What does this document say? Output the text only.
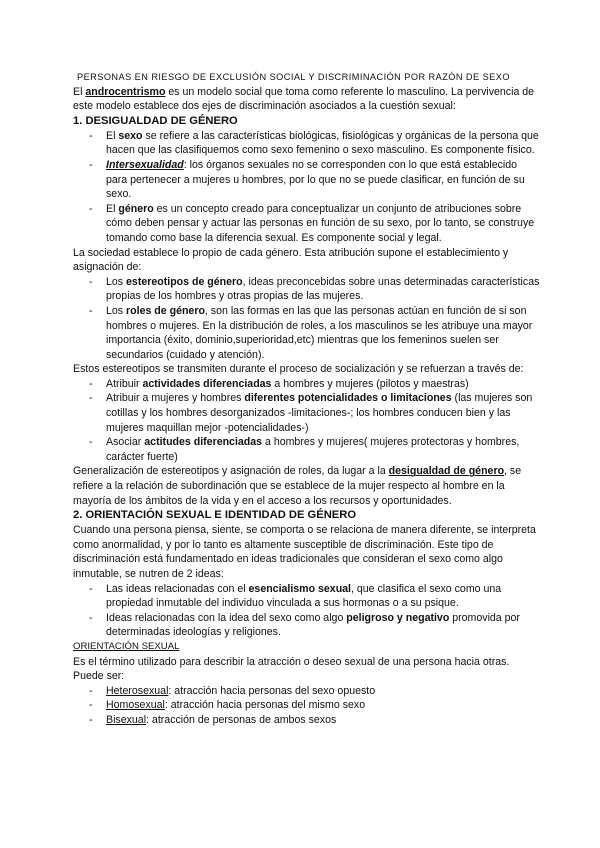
PERSONAS EN RIESGO DE EXCLUSIÓN SOCIAL Y DISCRIMINACIÓN POR RAZÓN DE SEXO

El androcentrismo es un modelo social que toma como referente lo masculino. La pervivencia de este modelo establece dos ejes de discriminación asociados a la cuestión sexual:

1. DESIGUALDAD DE GÉNERO
- El sexo se refiere a las características biológicas, fisiológicas y orgánicas de la persona que hacen que las clasifiquemos como sexo femenino o sexo masculino. Es componente físico.
- Intersexualidad: los órganos sexuales no se corresponden con lo que está establecido para pertenecer a mujeres u hombres, por lo que no se puede clasificar, en función de su sexo.
- El género es un concepto creado para conceptualizar un conjunto de atribuciones sobre cómo deben pensar y actuar las personas en función de su sexo, por lo tanto, se construye tomando como base la diferencia sexual. Es componente social y legal.

La sociedad establece lo propio de cada género. Esta atribución supone el establecimiento y asignación de:

- Los estereotipos de género, ideas preconcebidas sobre unas determinadas características propias de los hombres y otras propias de las mujeres.
- Los roles de género, son las formas en las que las personas actúan en función de si son hombres o mujeres. En la distribución de roles, a los masculinos se les atribuye una mayor importancia (éxito, dominio,superioridad,etc) mientras que los femeninos suelen ser secundarios (cuidado y atención).

Estos estereotipos se transmiten durante el proceso de socialización y se refuerzan a través de:

- Atribuir actividades diferenciadas a hombres y mujeres (pilotos y maestras)
- Atribuir a mujeres y hombres diferentes potencialidades o limitaciones (las mujeres son cotillas y los hombres desorganizados -limitaciones-; los hombres conducen bien y las mujeres maquillan mejor -potencialidades-)
- Asociar actitudes diferenciadas a hombres y mujeres( mujeres protectoras y hombres, carácter fuerte)

Generalización de estereotipos y asignación de roles, da lugar a la desigualdad de género, se refiere a la relación de subordinación que se establece de la mujer respecto al hombre en la mayoría de los ámbitos de la vida y en el acceso a los recursos y oportunidades.

2. ORIENTACIÓN SEXUAL E IDENTIDAD DE GÉNERO

Cuando una persona piensa, siente, se comporta o se relaciona de manera diferente, se interpreta como anormalidad, y por lo tanto es altamente susceptible de discriminación. Este tipo de discriminación está fundamentado en ideas tradicionales que consideran el sexo como algo inmutable, se nutren de 2 ideas:

- Las ideas relacionadas con el esencialismo sexual, que clasifica el sexo como una propiedad inmutable del individuo vinculada a sus hormonas o a su psique.
- Ideas relacionadas con la idea del sexo como algo peligroso y negativo promovida por determinadas ideologías y religiones.
ORIENTACIÓN SEXUAL

Es el término utilizado para describir la atracción o deseo sexual de una persona hacia otras. Puede ser:

- Heterosexual: atracción hacia personas del sexo opuesto
- Homosexual: atracción hacia personas del mismo sexo
- Bisexual: atracción de personas de ambos sexos
